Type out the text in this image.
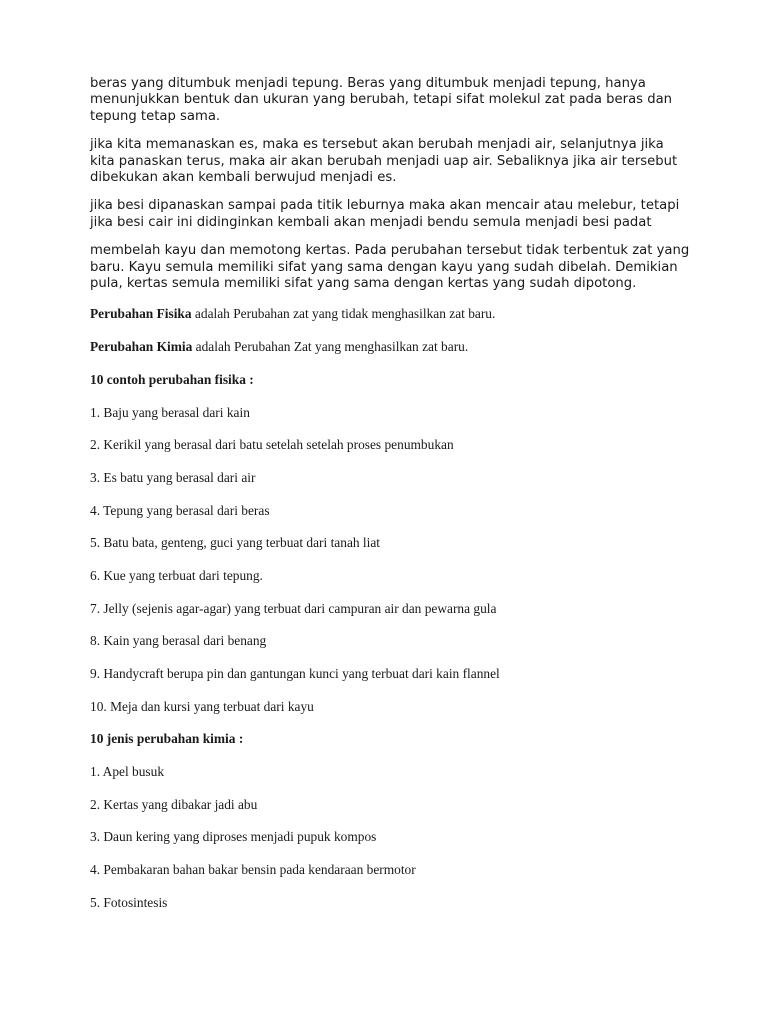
beras yang ditumbuk menjadi tepung. Beras yang ditumbuk menjadi tepung, hanya menunjukkan bentuk dan ukuran yang berubah, tetapi sifat molekul zat pada beras dan tepung tetap sama.

jika kita memanaskan es, maka es tersebut akan berubah menjadi air, selanjutnya jika kita panaskan terus, maka air akan berubah menjadi uap air. Sebaliknya jika air tersebut dibekukan akan kembali berwujud menjadi es.

jika besi dipanaskan sampai pada titik leburnya maka akan mencair atau melebur, tetapi jika besi cair ini didinginkan kembali akan menjadi bendu semula menjadi besi padat

membelah kayu dan memotong kertas. Pada perubahan tersebut tidak terbentuk zat yang baru. Kayu semula memiliki sifat yang sama dengan kayu yang sudah dibelah. Demikian pula, kertas semula memiliki sifat yang sama dengan kertas yang sudah dipotong.

Perubahan Fisika adalah Perubahan zat yang tidak menghasilkan zat baru.

Perubahan Kimia adalah Perubahan Zat yang menghasilkan zat baru.

10 contoh perubahan fisika :

1. Baju yang berasal dari kain

2. Kerikil yang berasal dari batu setelah setelah proses penumbukan

3. Es batu yang berasal dari air

4. Tepung yang berasal dari beras

5. Batu bata, genteng, guci yang terbuat dari tanah liat

6. Kue yang terbuat dari tepung.

7. Jelly (sejenis agar-agar) yang terbuat dari campuran air dan pewarna gula

8. Kain yang berasal dari benang

9. Handycraft berupa pin dan gantungan kunci yang terbuat dari kain flannel

10. Meja dan kursi yang terbuat dari kayu

10 jenis perubahan kimia :

1. Apel busuk

2. Kertas yang dibakar jadi abu

3. Daun kering yang diproses menjadi pupuk kompos

4. Pembakaran bahan bakar bensin pada kendaraan bermotor

5. Fotosintesis
